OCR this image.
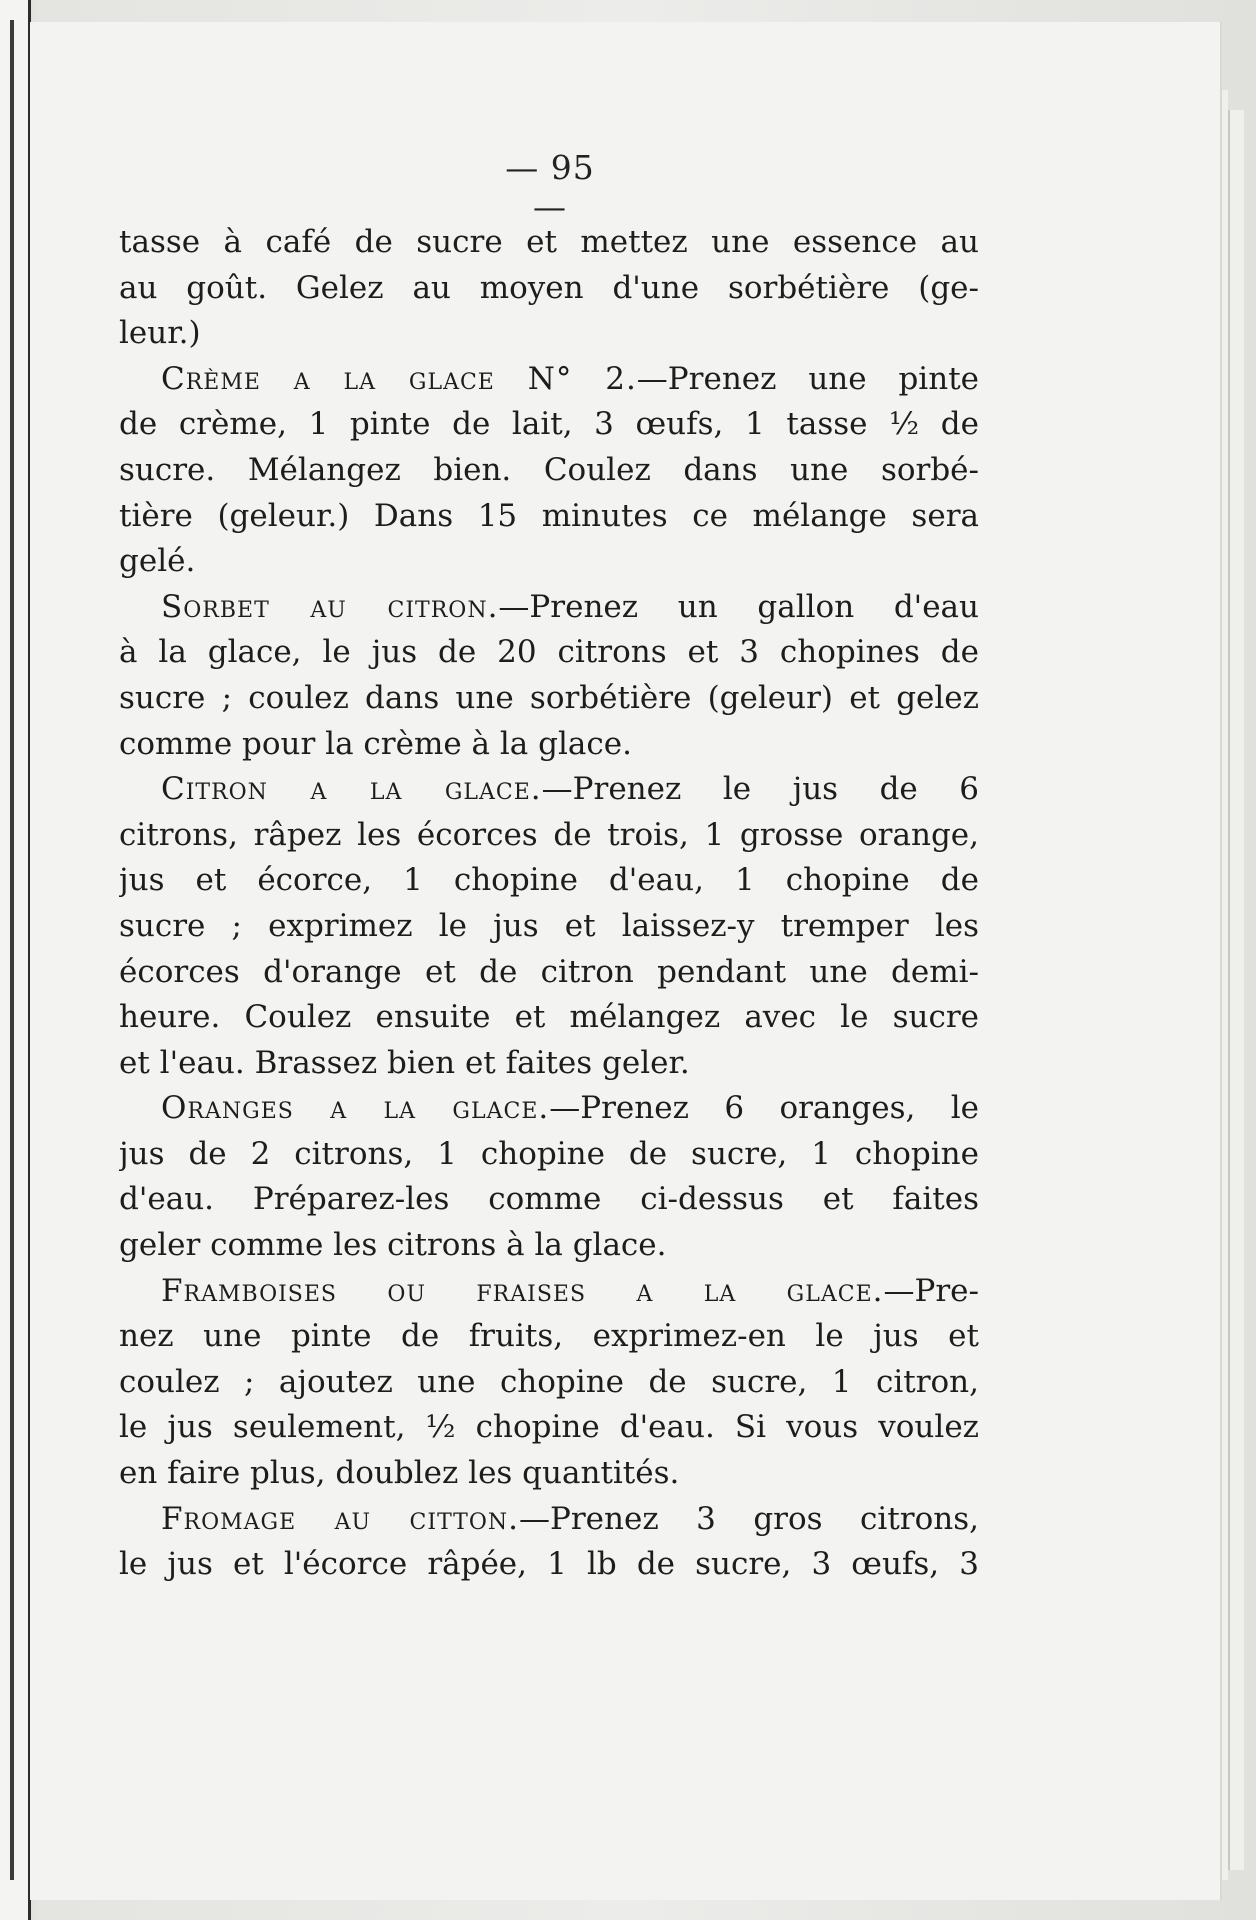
— 95 —
tasse à café de sucre et mettez une essence au
au goût. Gelez au moyen d'une sorbétière (ge-
leur.)
Crème a la glace N° 2.—Prenez une pinte
de crème, 1 pinte de lait, 3 œufs, 1 tasse ½ de
sucre. Mélangez bien. Coulez dans une sorbé-
tière (geleur.) Dans 15 minutes ce mélange sera
gelé.
Sorbet au citron.—Prenez un gallon d'eau
à la glace, le jus de 20 citrons et 3 chopines de
sucre ; coulez dans une sorbétière (geleur) et gelez
comme pour la crème à la glace.
Citron a la glace.—Prenez le jus de 6
citrons, râpez les écorces de trois, 1 grosse orange,
jus et écorce, 1 chopine d'eau, 1 chopine de
sucre ; exprimez le jus et laissez-y tremper les
écorces d'orange et de citron pendant une demi-
heure. Coulez ensuite et mélangez avec le sucre
et l'eau. Brassez bien et faites geler.
Oranges a la glace.—Prenez 6 oranges, le
jus de 2 citrons, 1 chopine de sucre, 1 chopine
d'eau. Préparez-les comme ci-dessus et faites
geler comme les citrons à la glace.
Framboises ou fraises a la glace.—Pre-
nez une pinte de fruits, exprimez-en le jus et
coulez ; ajoutez une chopine de sucre, 1 citron,
le jus seulement, ½ chopine d'eau. Si vous voulez
en faire plus, doublez les quantités.
Fromage au citton.—Prenez 3 gros citrons,
le jus et l'écorce râpée, 1 lb de sucre, 3 œufs, 3
